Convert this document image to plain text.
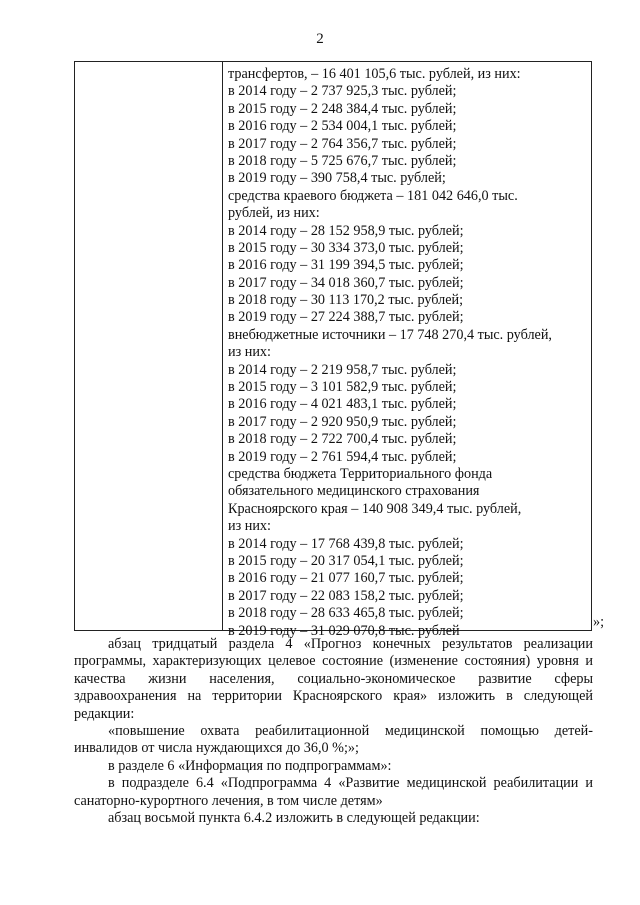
2
трансфертов, – 16 401 105,6 тыс. рублей, из них:
в 2014 году – 2 737 925,3 тыс. рублей;
в 2015 году – 2 248 384,4 тыс. рублей;
в 2016 году – 2 534 004,1 тыс. рублей;
в 2017 году – 2 764 356,7 тыс. рублей;
в 2018 году – 5 725 676,7 тыс. рублей;
в 2019 году – 390 758,4 тыс. рублей;
средства краевого бюджета – 181 042 646,0 тыс.
рублей, из них:
в 2014 году – 28 152 958,9 тыс. рублей;
в 2015 году – 30 334 373,0 тыс. рублей;
в 2016 году – 31 199 394,5 тыс. рублей;
в 2017 году – 34 018 360,7 тыс. рублей;
в 2018 году – 30 113 170,2 тыс. рублей;
в 2019 году – 27 224 388,7 тыс. рублей;
внебюджетные источники – 17 748 270,4 тыс. рублей,
из них:
в 2014 году – 2 219 958,7 тыс. рублей;
в 2015 году – 3 101 582,9 тыс. рублей;
в 2016 году – 4 021 483,1 тыс. рублей;
в 2017 году – 2 920 950,9 тыс. рублей;
в 2018 году – 2 722 700,4 тыс. рублей;
в 2019 году – 2 761 594,4 тыс. рублей;
средства бюджета Территориального фонда
обязательного медицинского страхования
Красноярского края – 140 908 349,4 тыс. рублей,
из них:
в 2014 году – 17 768 439,8 тыс. рублей;
в 2015 году – 20 317 054,1 тыс. рублей;
в 2016 году – 21 077 160,7 тыс. рублей;
в 2017 году – 22 083 158,2 тыс. рублей;
в 2018 году – 28 633 465,8 тыс. рублей;
в 2019 году – 31 029 070,8 тыс. рублей
»;

абзац тридцатый раздела 4 «Прогноз конечных результатов реализации программы, характеризующих целевое состояние (изменение состояния) уровня и качества жизни населения, социально-экономическое развитие сферы здравоохранения на территории Красноярского края» изложить в следующей редакции:

«повышение охвата реабилитационной медицинской помощью детей-инвалидов от числа нуждающихся до 36,0 %;»;

в разделе 6 «Информация по подпрограммам»:

в подразделе 6.4 «Подпрограмма 4 «Развитие медицинской реабилитации и санаторно-курортного лечения, в том числе детям»

абзац восьмой пункта 6.4.2 изложить в следующей редакции:
